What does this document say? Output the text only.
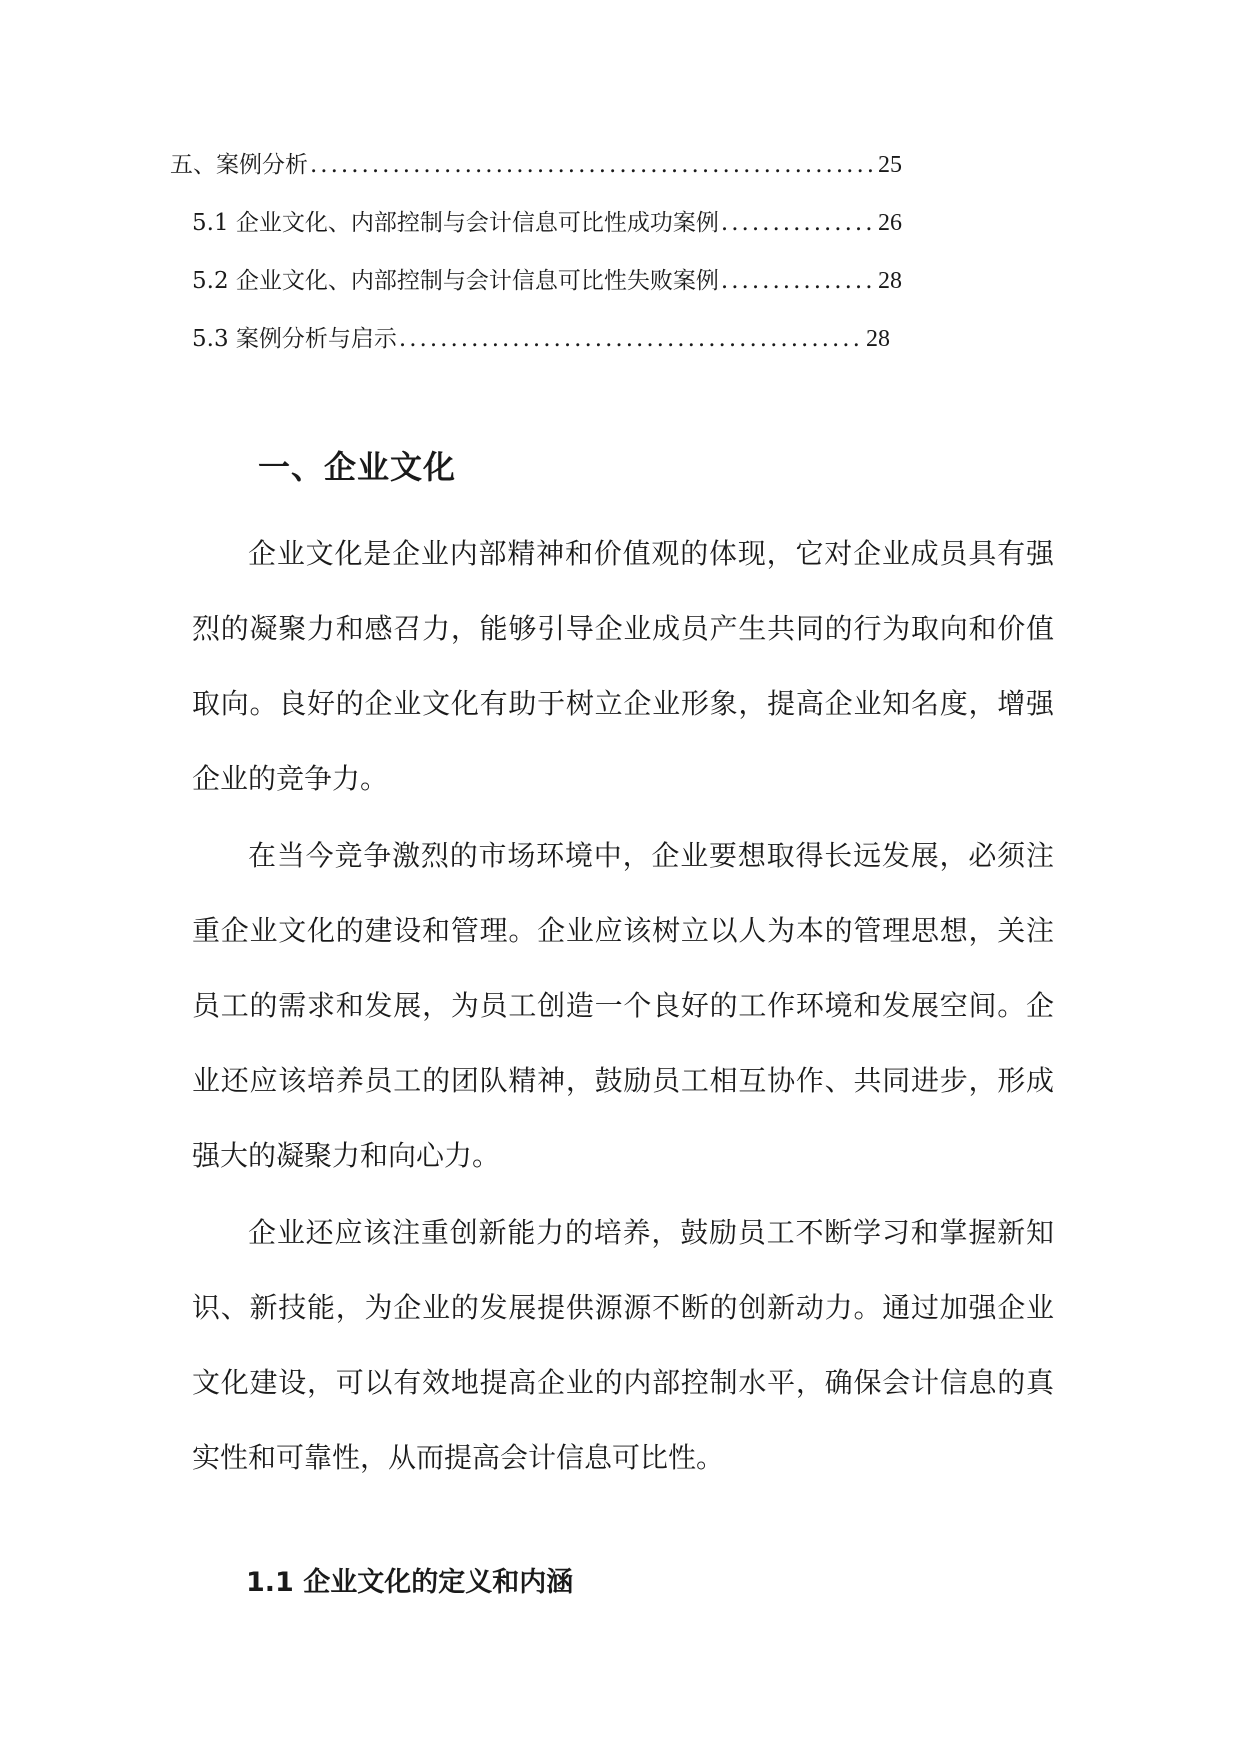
五、案例分析 .....	25
5.1 企业文化、内部控制与会计信息可比性成功案例 .....	26
5.2 企业文化、内部控制与会计信息可比性失败案例 .....	28
5.3 案例分析与启示 .....	28
一、企业文化

企业文化是企业内部精神和价值观的体现，它对企业成员具有强烈的凝聚力和感召力，能够引导企业成员产生共同的行为取向和价值取向。良好的企业文化有助于树立企业形象，提高企业知名度，增强企业的竞争力。

在当今竞争激烈的市场环境中，企业要想取得长远发展，必须注重企业文化的建设和管理。企业应该树立以人为本的管理思想，关注员工的需求和发展，为员工创造一个良好的工作环境和发展空间。企业还应该培养员工的团队精神，鼓励员工相互协作、共同进步，形成强大的凝聚力和向心力。

企业还应该注重创新能力的培养，鼓励员工不断学习和掌握新知识、新技能，为企业的发展提供源源不断的创新动力。通过加强企业文化建设，可以有效地提高企业的内部控制水平，确保会计信息的真实性和可靠性，从而提高会计信息可比性。

1.1 企业文化的定义和内涵
